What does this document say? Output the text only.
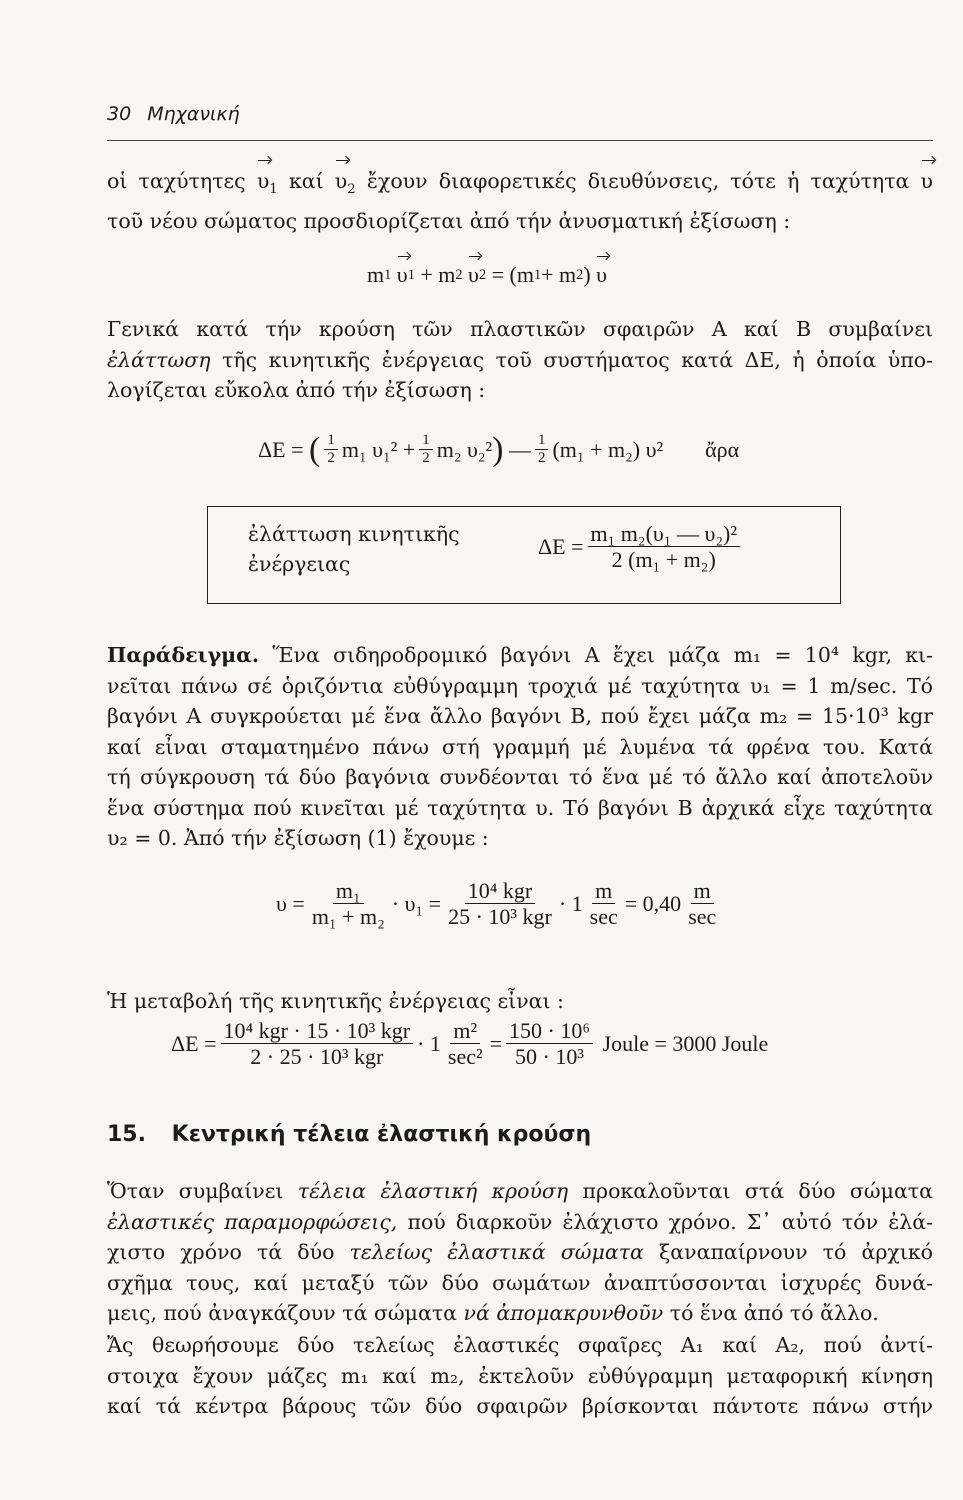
30 Μηχανική
οἱ ταχύτητες $\upsilon_1$ καί $\upsilon_2$ ἔχουν διαφορετικές διευθύνσεις, τότε ἡ ταχύτητα υ
τοῦ νέου σώματος προσδιορίζεται ἀπό τήν ἀνυσματική ἐξίσωση :
m 1
υ 1
+
m 2
υ 2
= (m 1 + m 2 )
υ
Γενικά κατά τήν κρούση τῶν πλαστικῶν σφαιρῶν Α καί Β συμβαίνει
ἐλάττωση τῆς κινητικῆς ἐνέργειας τοῦ συστήματος κατά ΔΕ, ἡ ὁποία ὑπο-
λογίζεται εὔκολα ἀπό τήν ἐξίσωση :
ΔΕ =
( $\frac{1}{2} m_1$ υ₁²
+ $\frac{1}{2} m_2$ υ₂² )
— $\frac{1}{2} (m_1 + m_2)$ υ² ἄρα
ἐλάττωση κινητικῆς
ἐνέργειας
$\Delta E = \frac{\text{m₁ m₂(υ₁ — υ₂)²}}{\text{2 (m₁ + m₂)}}$
Παράδειγμα. Ἕνα σιδηροδρομικό βαγόνι Α ἔχει μάζα m₁ = 10⁴ kgr, κι-
νεῖται πάνω σέ ὁριζόντια εὐθύγραμμη τροχιά μέ ταχύτητα υ₁ = 1 m/sec. Τό
βαγόνι Α συγκρούεται μέ ἕνα ἄλλο βαγόνι Β, πού ἔχει μάζα m₂ = 15·10³ kgr
καί εἶναι σταματημένο πάνω στή γραμμή μέ λυμένα τά φρένα του. Κατά
τή σύγκρουση τά δύο βαγόνια συνδέονται τό ἕνα μέ τό ἄλλο καί ἀποτελοῦν
ἕνα σύστημα πού κινεῖται μέ ταχύτητα υ. Τό βαγόνι Β ἀρχικά εἶχε ταχύτητα
υ₂ = 0. Ἀπό τήν ἐξίσωση (1) ἔχουμε :
$\upsilon = \frac{\text{m₁}}{\text{m₁ + m₂}} \cdot \upsilon_1 = \frac{\text{10⁴ kgr}}{\text{25 · 10³ kgr}} \cdot 1 \frac{m}{\sec} = 0,40 \frac{m}{\sec}$
Ἡ μεταβολή τῆς κινητικῆς ἐνέργειας εἶναι :
$\Delta E = \frac{\text{10⁴ kgr · 15 · 10³ kgr}}{\text{2 · 25 · 10³ kgr}} \cdot 1 \frac{\text{m²}}{\text{sec²}} = \frac{\text{150 · 10⁶}}{\text{50 · 10³}}$
Joule = 3000 Joule
15. Κεντρική τέλεια ἐλαστική κρούση
Ὅταν συμβαίνει τέλεια ἐλαστική κρούση προκαλοῦνται στά δύο σώματα
ἐλαστικές παραμορφώσεις, πού διαρκοῦν ἐλάχιστο χρόνο. Σ᾽ αὐτό τόν ἐλά-
χιστο χρόνο τά δύο τελείως ἐλαστικά σώματα ξαναπαίρνουν τό ἀρχικό
σχῆμα τους, καί μεταξύ τῶν δύο σωμάτων ἀναπτύσσονται ἰσχυρές δυνά-
μεις, πού ἀναγκάζουν τά σώματα νά ἀπομακρυνθοῦν τό ἕνα ἀπό τό ἄλλο.
Ἄς θεωρήσουμε δύο τελείως ἐλαστικές σφαῖρες Α₁ καί Α₂, πού ἀντί-
στοιχα ἔχουν μάζες m₁ καί m₂, ἐκτελοῦν εὐθύγραμμη μεταφορική κίνηση
καί τά κέντρα βάρους τῶν δύο σφαιρῶν βρίσκονται πάντοτε πάνω στήν
